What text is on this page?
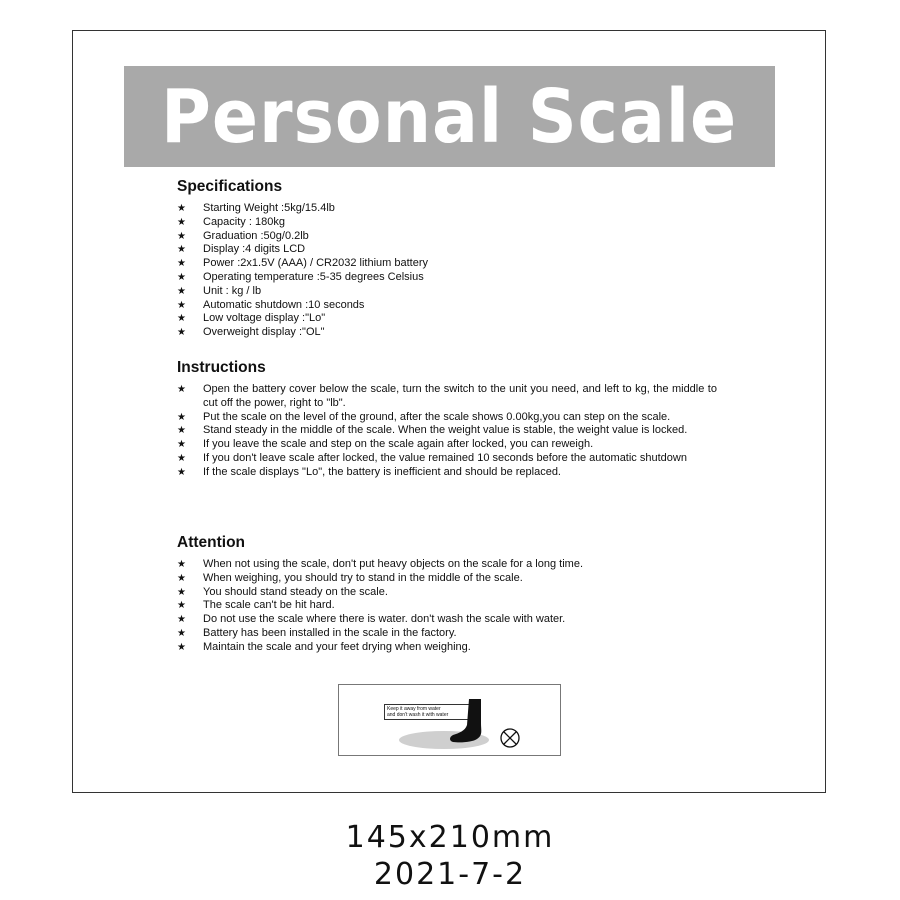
Personal Scale
Specifications
★ Starting Weight :5kg/15.4lb
★ Capacity : 180kg
★ Graduation :50g/0.2lb
★ Display :4 digits LCD
★ Power :2x1.5V (AAA) / CR2032 lithium battery
★ Operating temperature :5-35 degrees Celsius
★ Unit : kg / lb
★ Automatic shutdown :10 seconds
★ Low voltage display :"Lo"
★ Overweight display :"OL"
Instructions
★ Open the battery cover below the scale, turn the switch to the unit you need, and left to kg, the middle to cut off the power, right to "lb".
★ Put the scale on the level of the ground, after the scale shows 0.00kg,you can step on the scale.
★ Stand steady in the middle of the scale. When the weight value is stable, the weight value is locked.
★ If you leave the scale and step on the scale again after locked, you can reweigh.
★ If you don't leave scale after locked, the value remained 10 seconds before the automatic shutdown
★ If the scale displays "Lo", the battery is inefficient and should be replaced.
Attention
★ When not using the scale, don't put heavy objects on the scale for a long time.
★ When weighing, you should try to stand in the middle of the scale.
★ You should stand steady on the scale.
★ The scale can't be hit hard.
★ Do not use the scale where there is water. don't wash the scale with water.
★ Battery has been installed in the scale in the factory.
★ Maintain the scale and your feet drying when weighing.
Keep it away from water
and don't wash it with water
145x210mm
2021-7-2
